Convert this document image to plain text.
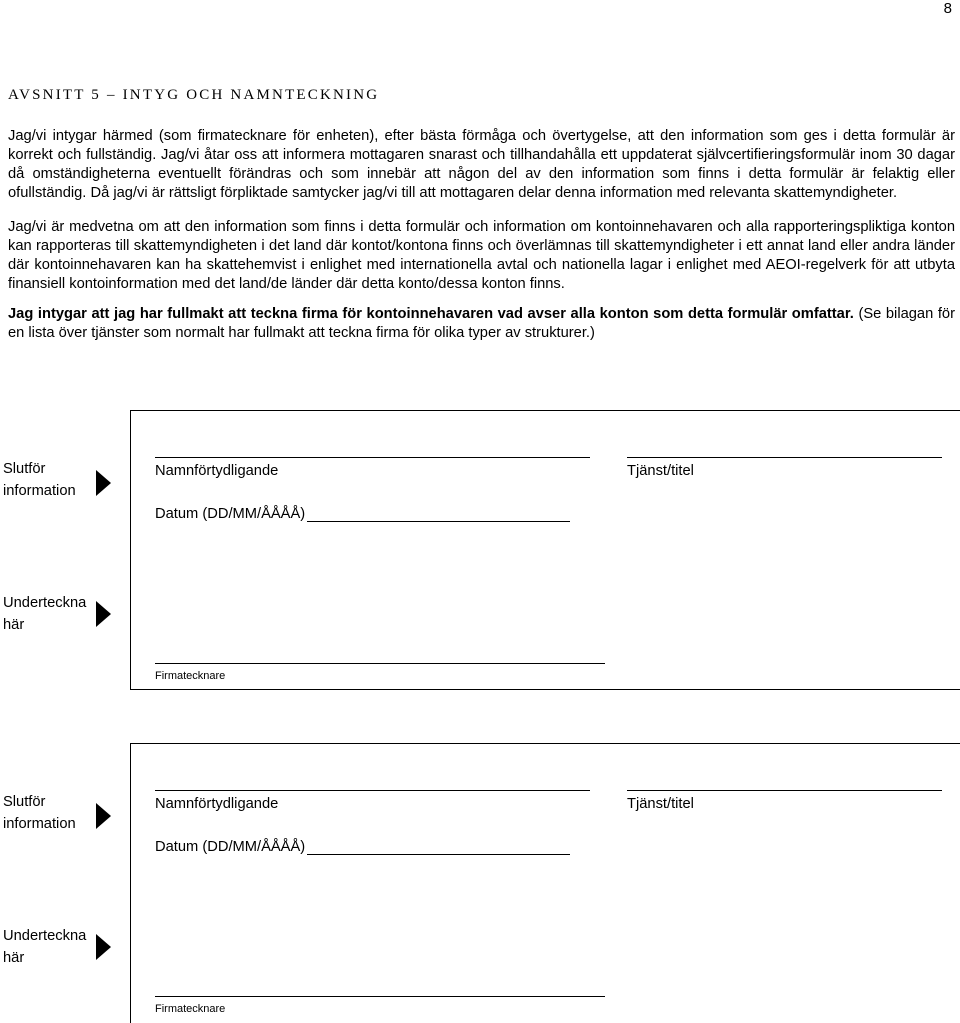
8
AVSNITT 5 – INTYG OCH NAMNTECKNING

Jag/vi intygar härmed (som firmatecknare för enheten), efter bästa förmåga och övertygelse, att den information som ges i detta formulär är korrekt och fullständig. Jag/vi åtar oss att informera mottagaren snarast och tillhandahålla ett uppdaterat självcertifieringsformulär inom 30 dagar då omständigheterna eventuellt förändras och som innebär att någon del av den information som finns i detta formulär är felaktig eller ofullständig. Då jag/vi är rättsligt förpliktade samtycker jag/vi till att mottagaren delar denna information med relevanta skattemyndigheter.

Jag/vi är medvetna om att den information som finns i detta formulär och information om kontoinnehavaren och alla rapporteringspliktiga konton kan rapporteras till skattemyndigheten i det land där kontot/kontona finns och överlämnas till skattemyndigheter i ett annat land eller andra länder där kontoinnehavaren kan ha skattehemvist i enlighet med internationella avtal och nationella lagar i enlighet med AEOI-regelverk för att utbyta finansiell kontoinformation med det land/de länder där detta konto/dessa konton finns.

Jag intygar att jag har fullmakt att teckna firma för kontoinnehavaren vad avser alla konton som detta formulär omfattar. (Se bilagan för en lista över tjänster som normalt har fullmakt att teckna firma för olika typer av strukturer.)

Slutför information
Namnförtydligande	Tjänst/titel
Datum (DD/MM/ÅÅÅÅ)
Underteckna här
Firmatecknare
Slutför information
Namnförtydligande	Tjänst/titel
Datum (DD/MM/ÅÅÅÅ)
Underteckna här
Firmatecknare
